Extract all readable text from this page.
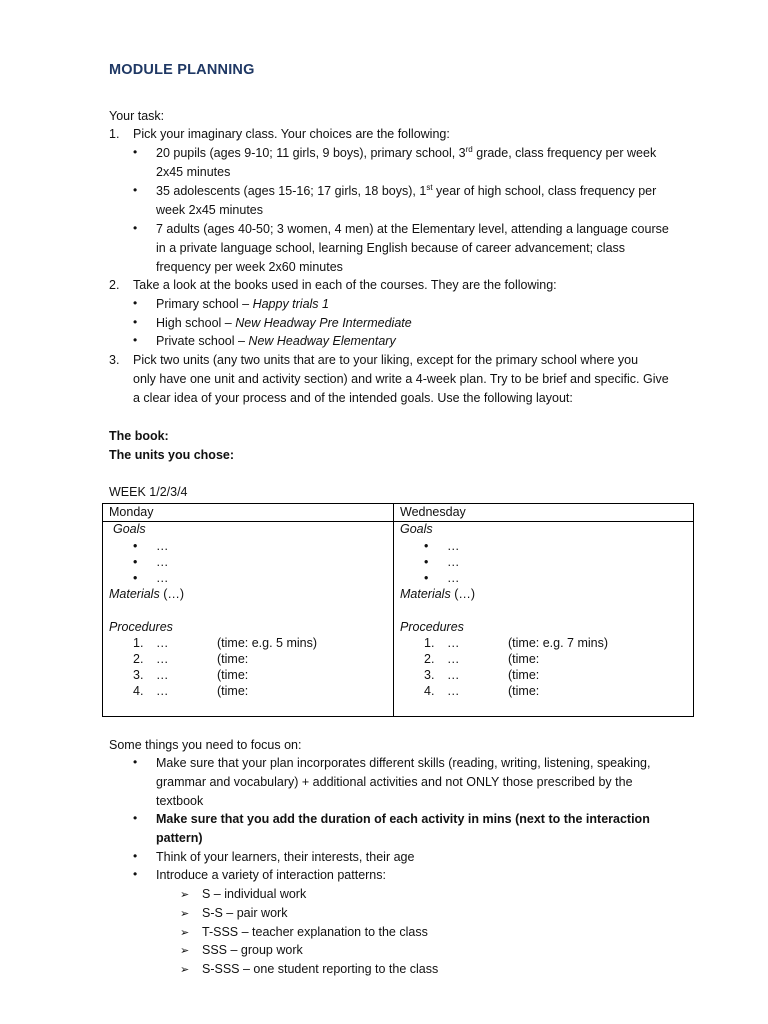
MODULE PLANNING
Your task:
1. Pick your imaginary class. Your choices are the following:
• 20 pupils (ages 9-10; 11 girls, 9 boys), primary school, 3rd grade, class frequency per week
2x45 minutes
• 35 adolescents (ages 15-16; 17 girls, 18 boys), 1st year of high school, class frequency per
week 2x45 minutes
• 7 adults (ages 40-50; 3 women, 4 men) at the Elementary level, attending a language course
in a private language school, learning English because of career advancement; class
frequency per week 2x60 minutes
2. Take a look at the books used in each of the courses. They are the following:
• Primary school – Happy trials 1
• High school – New Headway Pre Intermediate
• Private school – New Headway Elementary
3. Pick two units (any two units that are to your liking, except for the primary school where you
only have one unit and activity section) and write a 4-week plan. Try to be brief and specific. Give
a clear idea of your process and of the intended goals. Use the following layout:
The book:
The units you chose:
WEEK 1/2/3/4
Monday
Goals
• …
• …
• …
Materials (…)
Procedures
1. …	(time: e.g. 5 mins)
2. …	(time:
3. …	(time:
4. …	(time:
Wednesday
Goals
• …
• …
• …
Materials (…)
Procedures
1. …	(time: e.g. 7 mins)
2. …	(time:
3. …	(time:
4. …	(time:
Some things you need to focus on:
• Make sure that your plan incorporates different skills (reading, writing, listening, speaking,
grammar and vocabulary) + additional activities and not ONLY those prescribed by the
textbook
• Make sure that you add the duration of each activity in mins (next to the interaction
pattern)
• Think of your learners, their interests, their age
• Introduce a variety of interaction patterns:
➢ S – individual work
➢ S-S – pair work
➢ T-SSS – teacher explanation to the class
➢ SSS – group work
➢ S-SSS – one student reporting to the class
